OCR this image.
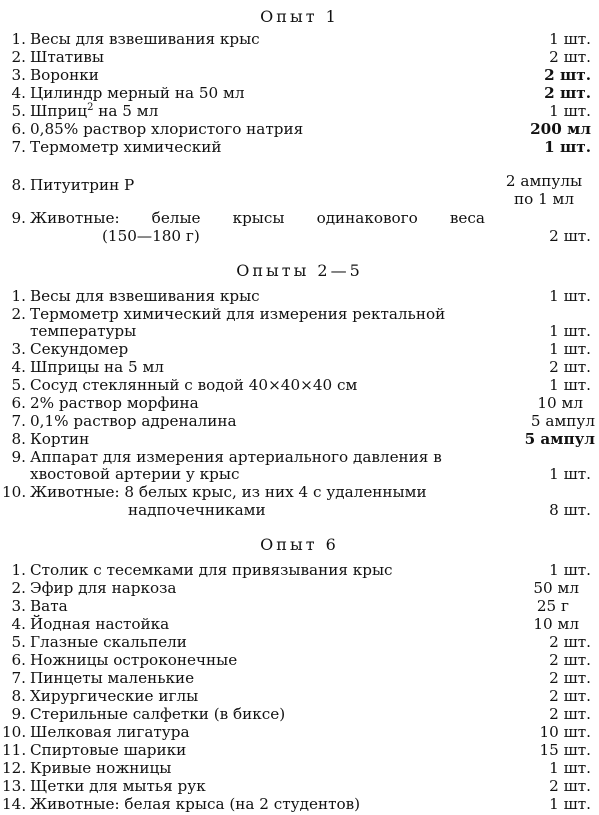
Опыт 1
1. Весы для взвешивания крыс	1 шт.
2. Штативы	2 шт.
3. Воронки	2 шт.
4. Цилиндр мерный на 50 мл	2 шт.
5. Шприц$^2$ на 5 мл	1 шт.
6. 0,85% раствор хлористого натрия	200 мл
7. Термометр химический	1 шт.
8. Питуитрин Р	2 ампулы
по 1 мл
9. Животные: белые крысы одинакового веса
(150—180 г)	2 шт.
Опыты 2—5
1. Весы для взвешивания крыс	1 шт.
2. Термометр химический для измерения ректальной
температуры	1 шт.
3. Секундомер	1 шт.
4. Шприцы на 5 мл	2 шт.
5. Сосуд стеклянный с водой 40×40×40 см	1 шт.
6. 2% раствор морфина	10 мл
7. 0,1% раствор адреналина	5 ампул
8. Кортин	5 ампул
9. Аппарат для измерения артериального давления в
хвостовой артерии у крыс	1 шт.
10. Животные: 8 белых крыс, из них 4 с удаленными
надпочечниками	8 шт.
Опыт 6
1. Столик с тесемками для привязывания крыс	1 шт.
2. Эфир для наркоза	50 мл
3. Вата	25 г
4. Йодная настойка	10 мл
5. Глазные скальпели	2 шт.
6. Ножницы остроконечные	2 шт.
7. Пинцеты маленькие	2 шт.
8. Хирургические иглы	2 шт.
9. Стерильные салфетки (в биксе)	2 шт.
10. Шелковая лигатура	10 шт.
11. Спиртовые шарики	15 шт.
12. Кривые ножницы	1 шт.
13. Щетки для мытья рук	2 шт.
14. Животные: белая крыса (на 2 студентов)	1 шт.
